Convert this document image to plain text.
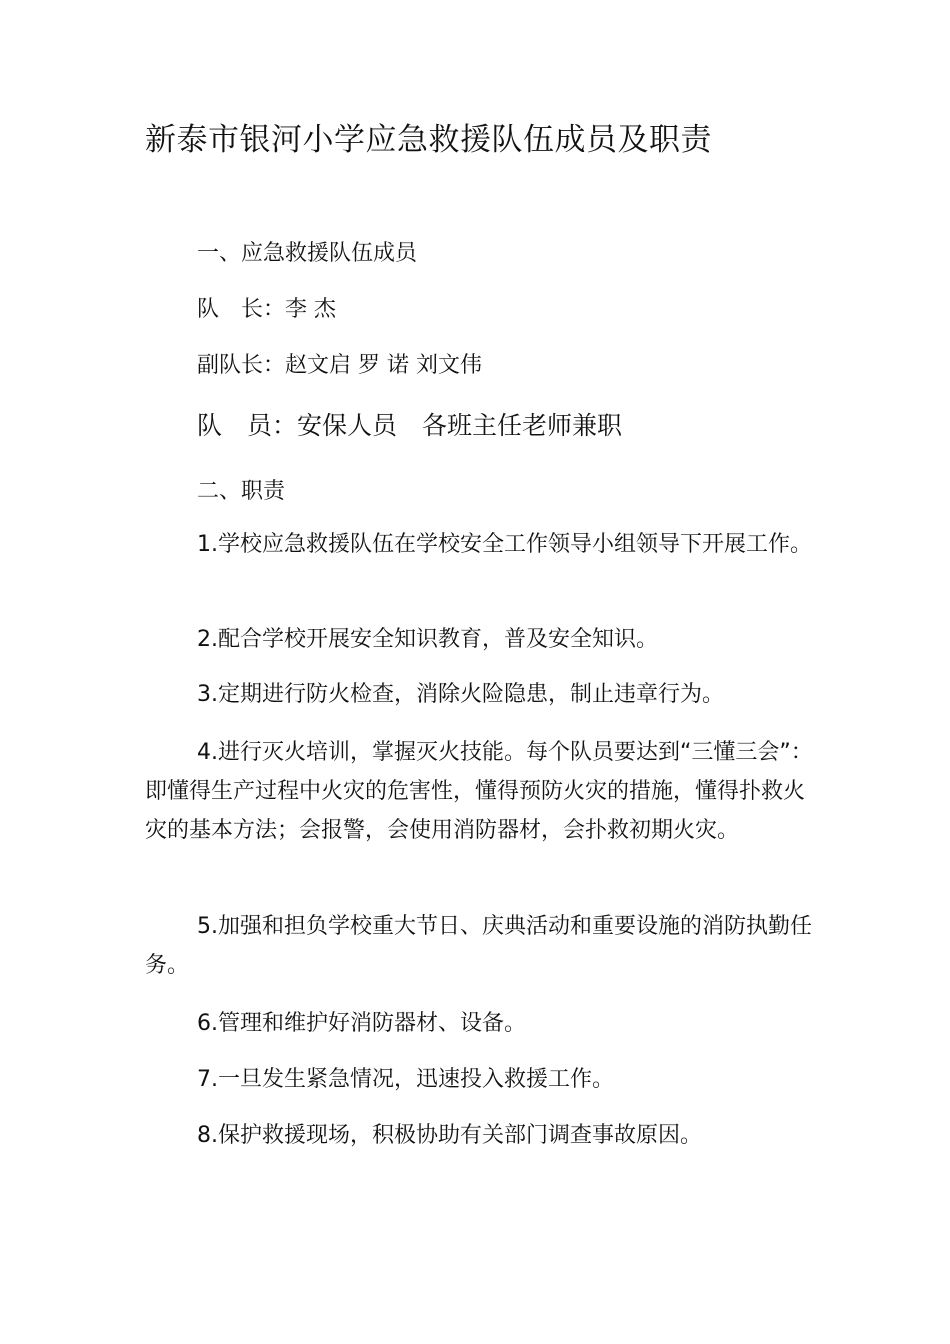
新泰市银河小学应急救援队伍成员及职责

一、应急救援队伍成员

队　长：李 杰

副队长：赵文启 罗 诺 刘文伟

队　员：安保人员　各班主任老师兼职

二、职责

1.学校应急救援队伍在学校安全工作领导小组领导下开展工作。

2.配合学校开展安全知识教育，普及安全知识。

3.定期进行防火检查，消除火险隐患，制止违章行为。

4.进行灭火培训，掌握灭火技能。每个队员要达到“三懂三会”：即懂得生产过程中火灾的危害性，懂得预防火灾的措施，懂得扑救火灾的基本方法；会报警，会使用消防器材，会扑救初期火灾。

5.加强和担负学校重大节日、庆典活动和重要设施的消防执勤任务。

6.管理和维护好消防器材、设备。

7.一旦发生紧急情况，迅速投入救援工作。

8.保护救援现场，积极协助有关部门调查事故原因。
